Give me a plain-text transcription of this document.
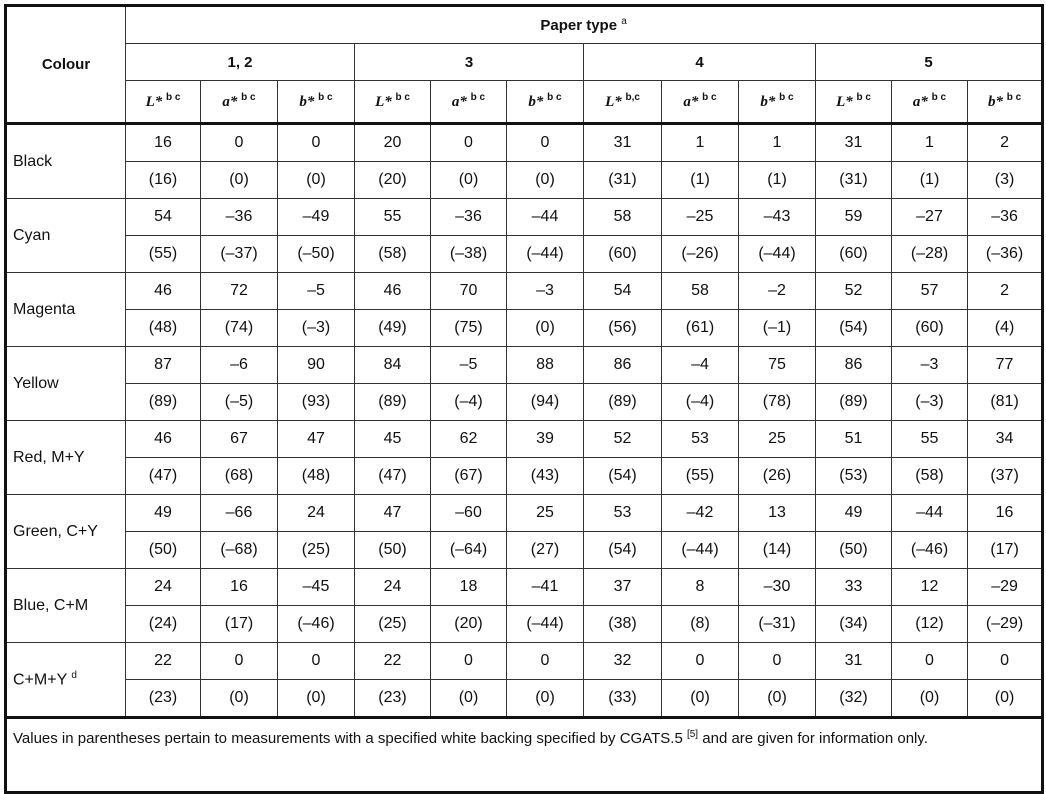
Colour	Paper type $^a$
	1, 2			3			4			5		
	L* $^{b c}$	a* $^{b c}$	b* $^{b c}$	L* $^{b c}$	a* $^{b c}$	b* $^{b c}$	L* $^{b,c}$	a* $^{b c}$	b* $^{b c}$	L* $^{b c}$	a* $^{b c}$	b* $^{b c}$
Black	16	0	0	20	0	0	31	1	1	31	1	2
	(16)	(0)	(0)	(20)	(0)	(0)	(31)	(1)	(1)	(31)	(1)	(3)
Cyan	54	–36	–49	55	–36	–44	58	–25	–43	59	–27	–36
	(55)	(–37)	(–50)	(58)	(–38)	(–44)	(60)	(–26)	(–44)	(60)	(–28)	(–36)
Magenta	46	72	–5	46	70	–3	54	58	–2	52	57	2
	(48)	(74)	(–3)	(49)	(75)	(0)	(56)	(61)	(–1)	(54)	(60)	(4)
Yellow	87	–6	90	84	–5	88	86	–4	75	86	–3	77
	(89)	(–5)	(93)	(89)	(–4)	(94)	(89)	(–4)	(78)	(89)	(–3)	(81)
Red, M+Y	46	67	47	45	62	39	52	53	25	51	55	34
	(47)	(68)	(48)	(47)	(67)	(43)	(54)	(55)	(26)	(53)	(58)	(37)
Green, C+Y	49	–66	24	47	–60	25	53	–42	13	49	–44	16
	(50)	(–68)	(25)	(50)	(–64)	(27)	(54)	(–44)	(14)	(50)	(–46)	(17)
Blue, C+M	24	16	–45	24	18	–41	37	8	–30	33	12	–29
	(24)	(17)	(–46)	(25)	(20)	(–44)	(38)	(8)	(–31)	(34)	(12)	(–29)
C+M+Y $^d$	22	0	0	22	0	0	32	0	0	31	0	0
	(23)	(0)	(0)	(23)	(0)	(0)	(33)	(0)	(0)	(32)	(0)	(0)
Values in parentheses pertain to measurements with a specified white backing specified by CGATS.5 [5] and are given for information only.												
